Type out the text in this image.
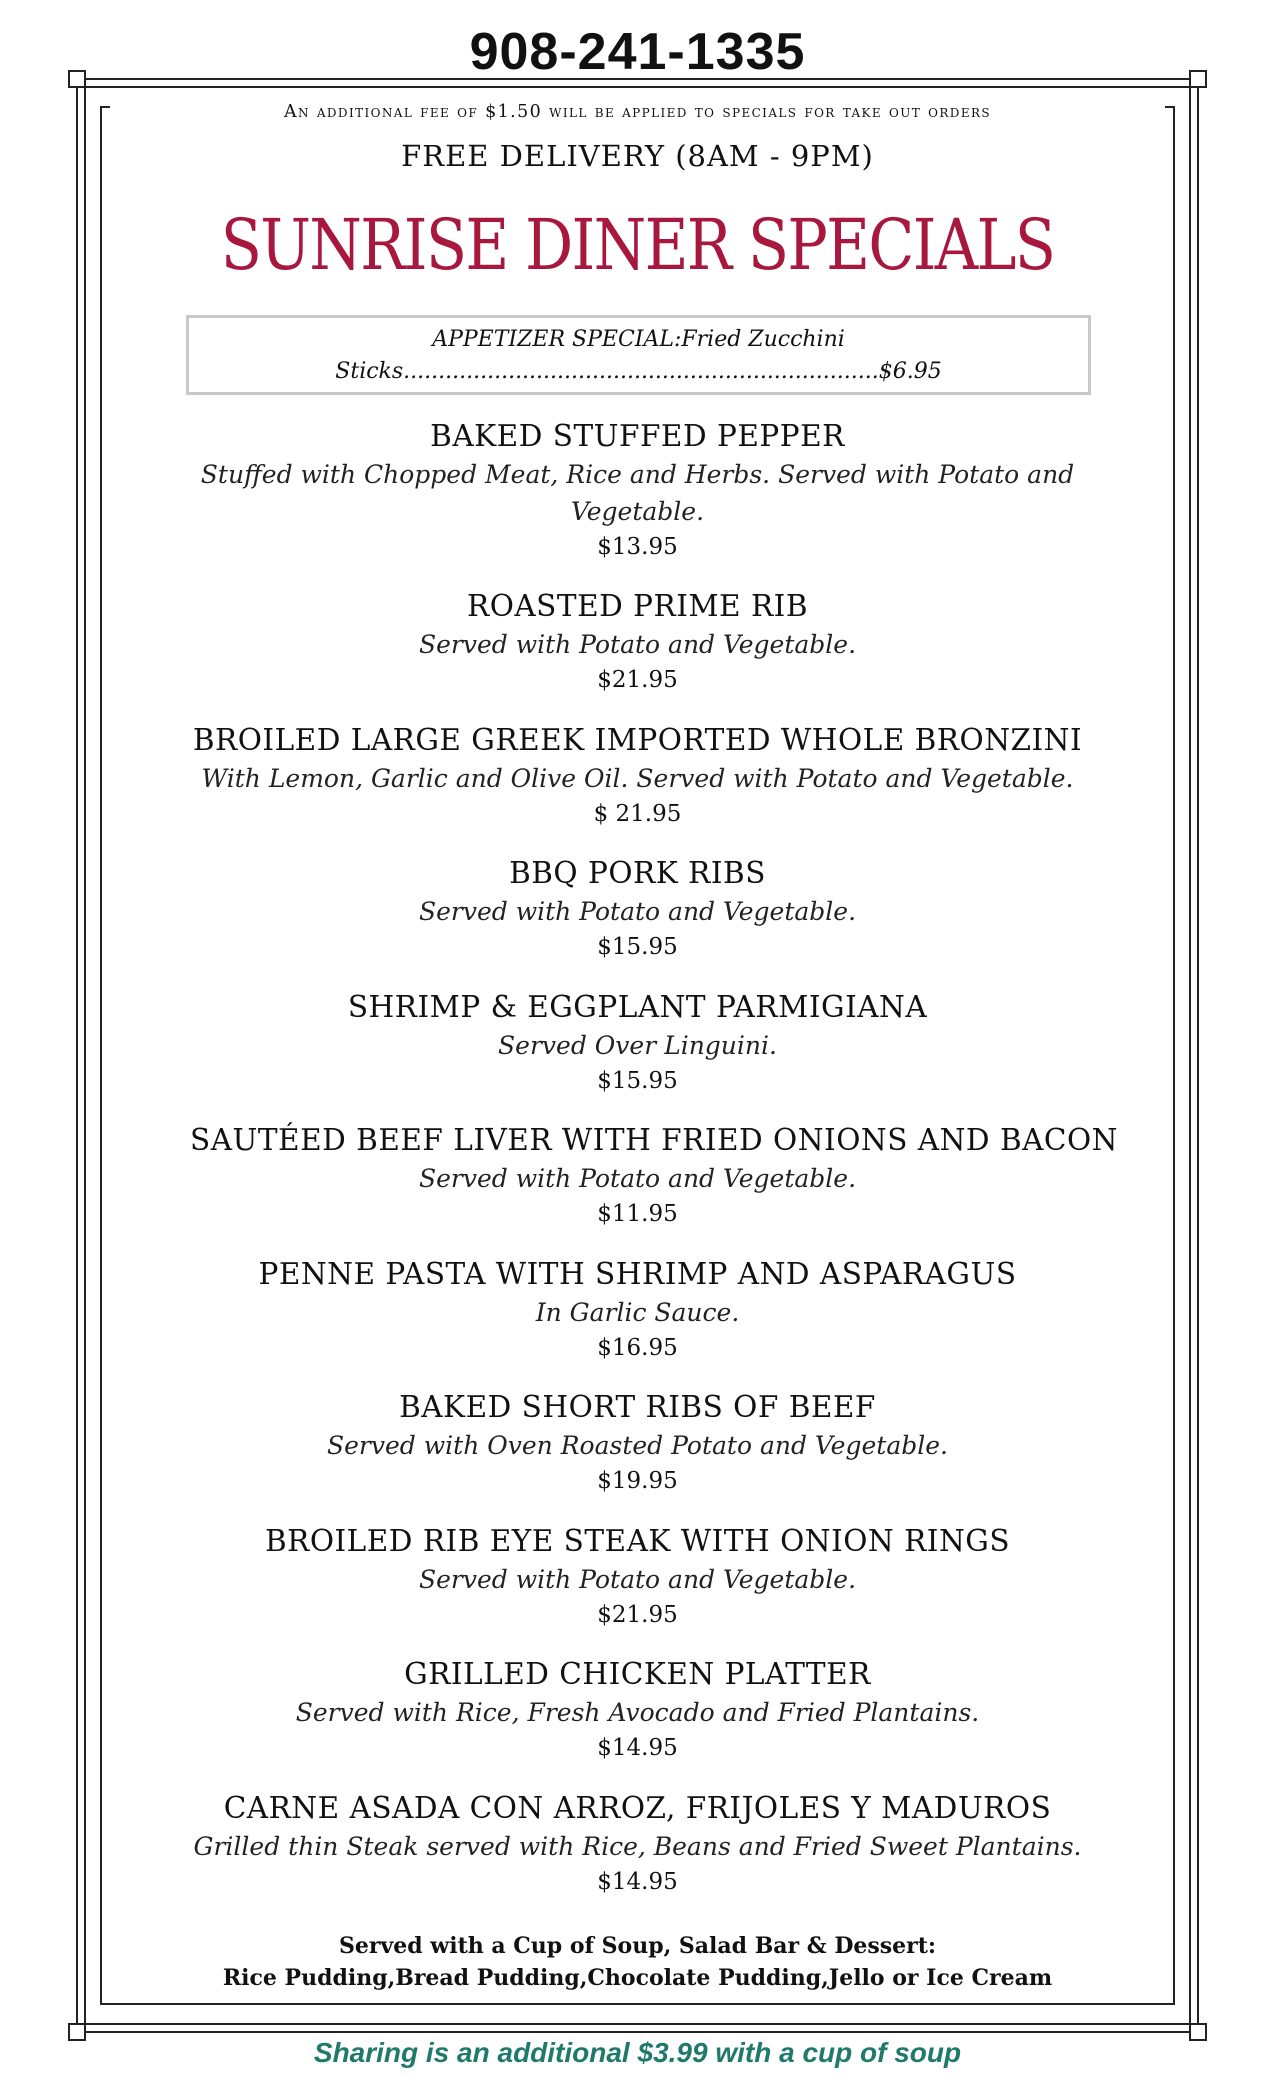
908-241-1335
An additional fee of $1.50 will be applied to specials for take out orders
FREE DELIVERY (8AM - 9PM)
SUNRISE DINER SPECIALS
APPETIZER SPECIAL:Fried Zucchini
Sticks....................................................................$6.95
BAKED STUFFED PEPPER
Stuffed with Chopped Meat, Rice and Herbs. Served with Potato and Vegetable.
$13.95
ROASTED PRIME RIB
Served with Potato and Vegetable.
$21.95
BROILED LARGE GREEK IMPORTED WHOLE BRONZINI
With Lemon, Garlic and Olive Oil. Served with Potato and Vegetable.
$ 21.95
BBQ PORK RIBS
Served with Potato and Vegetable.
$15.95
SHRIMP & EGGPLANT PARMIGIANA
Served Over Linguini.
$15.95
SAUTÉED BEEF LIVER WITH FRIED ONIONS AND BACON
Served with Potato and Vegetable.
$11.95
PENNE PASTA WITH SHRIMP AND ASPARAGUS
In Garlic Sauce.
$16.95
BAKED SHORT RIBS OF BEEF
Served with Oven Roasted Potato and Vegetable.
$19.95
BROILED RIB EYE STEAK WITH ONION RINGS
Served with Potato and Vegetable.
$21.95
GRILLED CHICKEN PLATTER
Served with Rice, Fresh Avocado and Fried Plantains.
$14.95
CARNE ASADA CON ARROZ, FRIJOLES Y MADUROS
Grilled thin Steak served with Rice, Beans and Fried Sweet Plantains.
$14.95
Served with a Cup of Soup, Salad Bar & Dessert:
Rice Pudding,Bread Pudding,Chocolate Pudding,Jello or Ice Cream
Sharing is an additional $3.99 with a cup of soup
